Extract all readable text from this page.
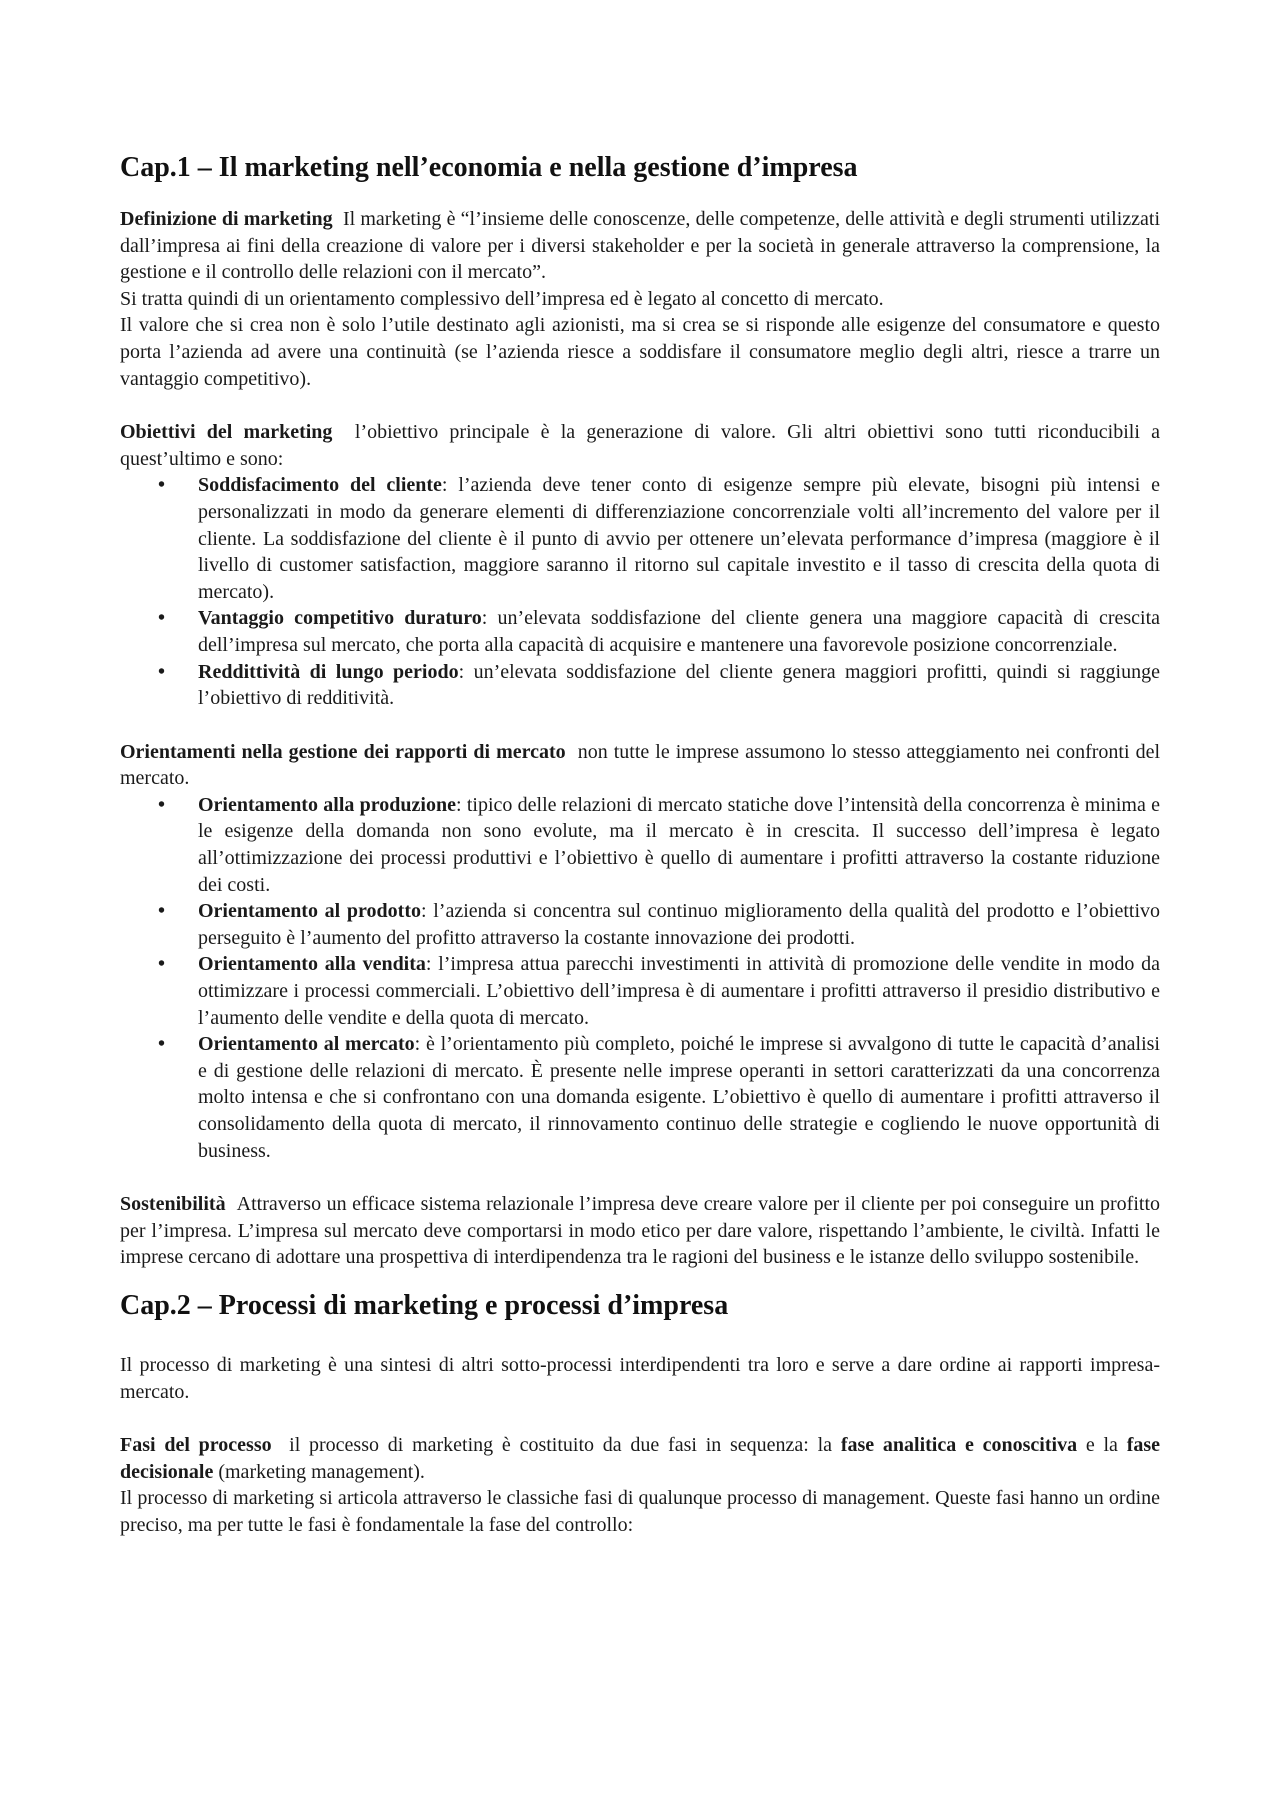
Cap.1 – Il marketing nell’economia e nella gestione d’impresa

Definizione di marketing Il marketing è “l’insieme delle conoscenze, delle competenze, delle attività e degli strumenti utilizzati dall’impresa ai fini della creazione di valore per i diversi stakeholder e per la società in generale attraverso la comprensione, la gestione e il controllo delle relazioni con il mercato”.

Si tratta quindi di un orientamento complessivo dell’impresa ed è legato al concetto di mercato.

Il valore che si crea non è solo l’utile destinato agli azionisti, ma si crea se si risponde alle esigenze del consumatore e questo porta l’azienda ad avere una continuità (se l’azienda riesce a soddisfare il consumatore meglio degli altri, riesce a trarre un vantaggio competitivo).

Obiettivi del marketing l’obiettivo principale è la generazione di valore. Gli altri obiettivi sono tutti riconducibili a quest’ultimo e sono:

• Soddisfacimento del cliente: l’azienda deve tener conto di esigenze sempre più elevate, bisogni più intensi e personalizzati in modo da generare elementi di differenziazione concorrenziale volti all’incremento del valore per il cliente. La soddisfazione del cliente è il punto di avvio per ottenere un’elevata performance d’impresa (maggiore è il livello di customer satisfaction, maggiore saranno il ritorno sul capitale investito e il tasso di crescita della quota di mercato).
• Vantaggio competitivo duraturo: un’elevata soddisfazione del cliente genera una maggiore capacità di crescita dell’impresa sul mercato, che porta alla capacità di acquisire e mantenere una favorevole posizione concorrenziale.
• Reddittività di lungo periodo: un’elevata soddisfazione del cliente genera maggiori profitti, quindi si raggiunge l’obiettivo di redditività.

Orientamenti nella gestione dei rapporti di mercato non tutte le imprese assumono lo stesso atteggiamento nei confronti del mercato.

• Orientamento alla produzione: tipico delle relazioni di mercato statiche dove l’intensità della concorrenza è minima e le esigenze della domanda non sono evolute, ma il mercato è in crescita. Il successo dell’impresa è legato all’ottimizzazione dei processi produttivi e l’obiettivo è quello di aumentare i profitti attraverso la costante riduzione dei costi.
• Orientamento al prodotto: l’azienda si concentra sul continuo miglioramento della qualità del prodotto e l’obiettivo perseguito è l’aumento del profitto attraverso la costante innovazione dei prodotti.
• Orientamento alla vendita: l’impresa attua parecchi investimenti in attività di promozione delle vendite in modo da ottimizzare i processi commerciali. L’obiettivo dell’impresa è di aumentare i profitti attraverso il presidio distributivo e l’aumento delle vendite e della quota di mercato.
• Orientamento al mercato: è l’orientamento più completo, poiché le imprese si avvalgono di tutte le capacità d’analisi e di gestione delle relazioni di mercato. È presente nelle imprese operanti in settori caratterizzati da una concorrenza molto intensa e che si confrontano con una domanda esigente. L’obiettivo è quello di aumentare i profitti attraverso il consolidamento della quota di mercato, il rinnovamento continuo delle strategie e cogliendo le nuove opportunità di business.

Sostenibilità Attraverso un efficace sistema relazionale l’impresa deve creare valore per il cliente per poi conseguire un profitto per l’impresa. L’impresa sul mercato deve comportarsi in modo etico per dare valore, rispettando l’ambiente, le civiltà. Infatti le imprese cercano di adottare una prospettiva di interdipendenza tra le ragioni del business e le istanze dello sviluppo sostenibile.

Cap.2 – Processi di marketing e processi d’impresa

Il processo di marketing è una sintesi di altri sotto-processi interdipendenti tra loro e serve a dare ordine ai rapporti impresa-mercato.

Fasi del processo il processo di marketing è costituito da due fasi in sequenza: la fase analitica e conoscitiva e la fase decisionale (marketing management).

Il processo di marketing si articola attraverso le classiche fasi di qualunque processo di management. Queste fasi hanno un ordine preciso, ma per tutte le fasi è fondamentale la fase del controllo:
